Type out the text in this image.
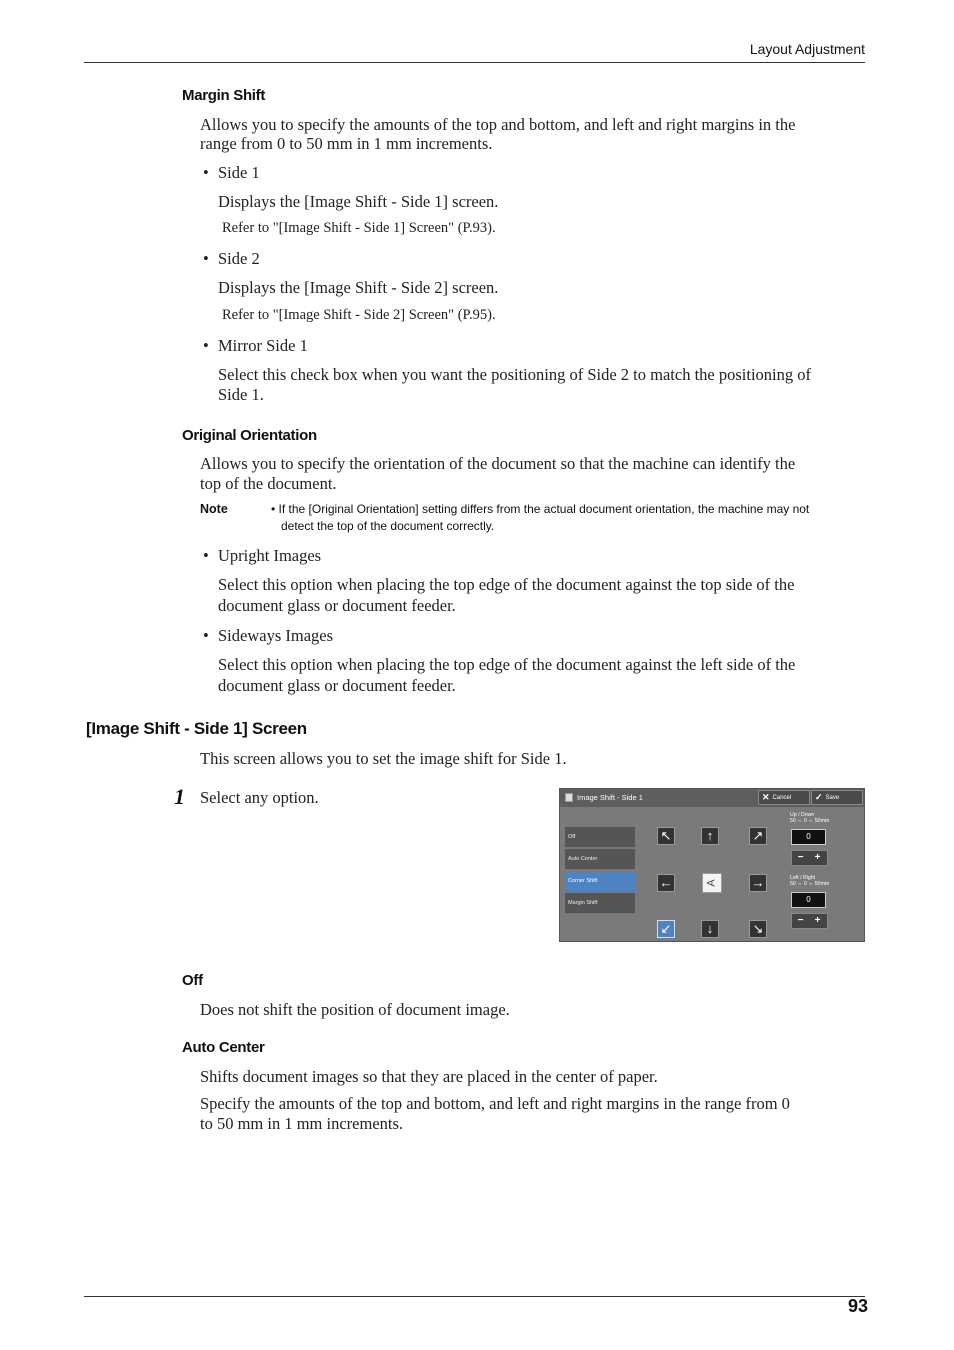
Layout Adjustment
Margin Shift
Allows you to specify the amounts of the top and bottom, and left and right margins in the
range from 0 to 50 mm in 1 mm increments.
• Side 1
Displays the [Image Shift - Side 1] screen.
Refer to "[Image Shift - Side 1] Screen" (P.93).
• Side 2
Displays the [Image Shift - Side 2] screen.
Refer to "[Image Shift - Side 2] Screen" (P.95).
• Mirror Side 1
Select this check box when you want the positioning of Side 2 to match the positioning of
Side 1.
Original Orientation
Allows you to specify the orientation of the document so that the machine can identify the
top of the document.
Note	• If the [Original Orientation] setting differs from the actual document orientation, the machine may not
detect the top of the document correctly.
• Upright Images
Select this option when placing the top edge of the document against the top side of the
document glass or document feeder.
• Sideways Images
Select this option when placing the top edge of the document against the left side of the
document glass or document feeder.
[Image Shift - Side 1] Screen
This screen allows you to set the image shift for Side 1.
1 Select any option.	Image Shift - Side 1	✕ Cancel	✓ Save
Off
Auto Center
Corner Shift
Margin Shift
↖	↑	↗
←	A	→
↙	↓	↘
Up / Down
50 ⇔ 0 ⇔ 50mm
0
− +
Left / Right
50 ⇔ 0 ⇔ 50mm
0
− +
Off
Does not shift the position of document image.
Auto Center
Shifts document images so that they are placed in the center of paper.
Specify the amounts of the top and bottom, and left and right margins in the range from 0
to 50 mm in 1 mm increments.
93
